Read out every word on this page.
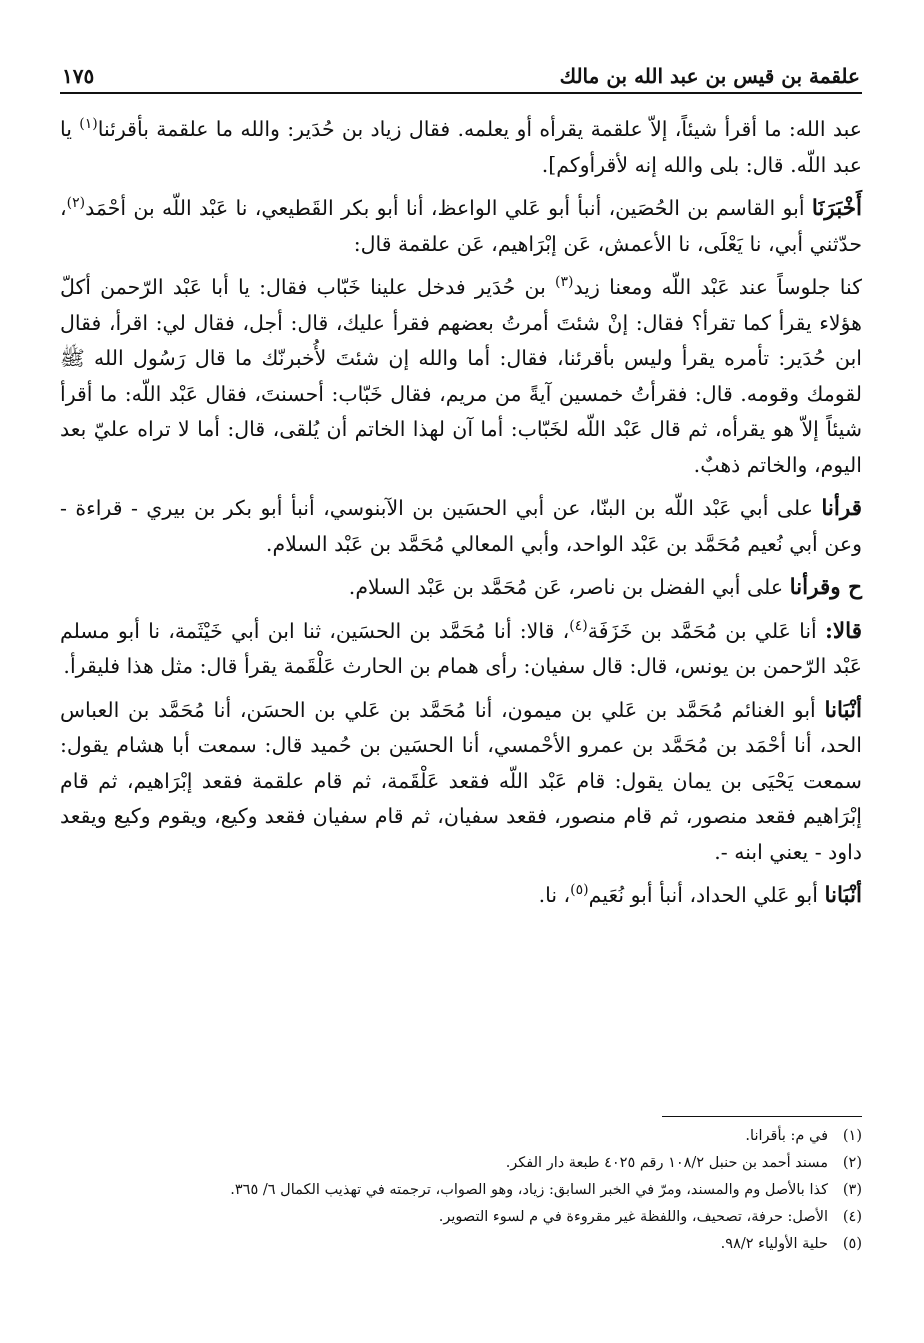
علقمة بن قيس بن عبد الله بن مالك
١٧٥

عبد الله: ما أقرأ شيئاً، إلاّ علقمة يقرأه أو يعلمه. فقال زياد بن حُدَير: والله ما علقمة بأقرئنا$^{(١)}$ يا عبد اللّه. قال: بلى والله إنه لأقرأوكم].

أَخْبَرَنَا أبو القاسم بن الحُصَين، أنبأ أبو عَلي الواعظ، أنا أبو بكر القَطيعي، نا عَبْد اللّه بن أحْمَد$^{(٢)}$، حدّثني أبي، نا يَعْلَى، نا الأعمش، عَن إبْرَاهيم، عَن علقمة قال:

كنا جلوساً عند عَبْد اللّه ومعنا زيد$^{(٣)}$ بن حُدَير فدخل علينا خَبّاب فقال: يا أبا عَبْد الرّحمن أكلّ هؤلاء يقرأ كما تقرأ؟ فقال: إنْ شئتَ أمرتُ بعضهم فقرأ عليك، قال: أجل، فقال لي: اقرأ، فقال ابن حُدَير: تأمره يقرأ وليس بأقرئنا، فقال: أما والله إن شئتَ لأُخبرنّك ما قال رَسُول الله ﷺ لقومك وقومه. قال: فقرأتُ خمسين آيةً من مريم، فقال خَبّاب: أحسنتَ، فقال عَبْد اللّه: ما أقرأ شيئاً إلاّ هو يقرأه، ثم قال عَبْد اللّه لخَبّاب: أما آن لهذا الخاتم أن يُلقى، قال: أما لا تراه عليّ بعد اليوم، والخاتم ذهبٌ.

قرأنا على أبي عَبْد اللّه بن البنّا، عن أبي الحسَين بن الآبنوسي، أنبأ أبو بكر بن بيري - قراءة - وعن أبي نُعيم مُحَمَّد بن عَبْد الواحد، وأبي المعالي مُحَمَّد بن عَبْد السلام.

ح وقرأنا على أبي الفضل بن ناصر، عَن مُحَمَّد بن عَبْد السلام.

قالا: أنا عَلي بن مُحَمَّد بن خَزَفَة$^{(٤)}$، قالا: أنا مُحَمَّد بن الحسَين، ثنا ابن أبي خَيْثَمة، نا أبو مسلم عَبْد الرّحمن بن يونس، قال: قال سفيان: رأى همام بن الحارث عَلْقَمة يقرأ قال: مثل هذا فليقرأ.

أنْبَانا أبو الغنائم مُحَمَّد بن عَلي بن ميمون، أنا مُحَمَّد بن عَلي بن الحسَن، أنا مُحَمَّد بن العباس الحد، أنا أحْمَد بن مُحَمَّد بن عمرو الأحْمسي، أنا الحسَين بن حُميد قال: سمعت أبا هشام يقول: سمعت يَحْيَى بن يمان يقول: قام عَبْد اللّه فقعد عَلْقَمة، ثم قام علقمة فقعد إبْرَاهيم، ثم قام إبْرَاهيم فقعد منصور، ثم قام منصور، فقعد سفيان، ثم قام سفيان فقعد وكيع، ويقوم وكيع ويقعد داود - يعني ابنه -.

أنْبَانا أبو عَلي الحداد، أنبأ أبو نُعَيم$^{(٥)}$، نا.

(١)في م: بأقرانا.
(٢)مسند أحمد بن حنبل ١٠٨/٢ رقم ٤٠٢٥ طبعة دار الفكر.
(٣)كذا بالأصل وم والمسند، ومرّ في الخبر السابق: زياد، وهو الصواب، ترجمته في تهذيب الكمال ٦/ ٣٦٥.
(٤)الأصل: حرفة، تصحيف، واللفظة غير مقروءة في م لسوء التصوير.
(٥)حلية الأولياء ٩٨/٢.
